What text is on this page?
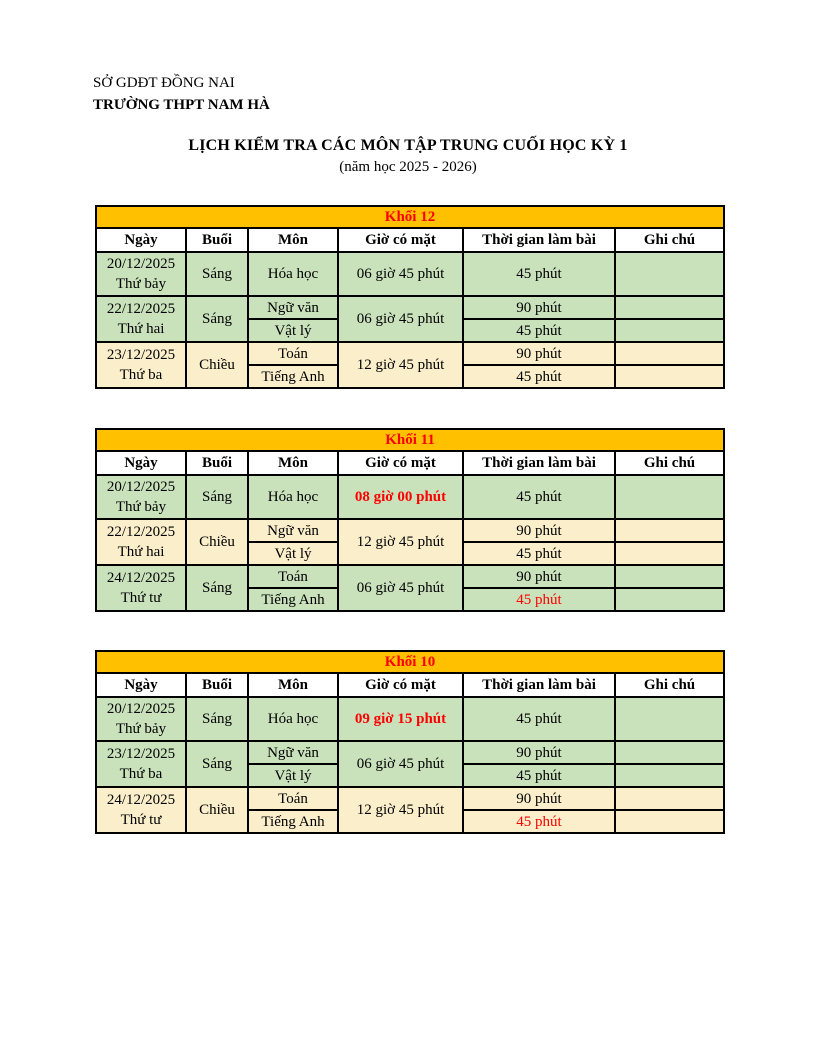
SỞ GDĐT ĐỒNG NAI
TRƯỜNG THPT NAM HÀ
LỊCH KIỂM TRA CÁC MÔN TẬP TRUNG CUỐI HỌC KỲ 1
(năm học 2025 - 2026)
Khối 12					
Ngày	Buổi	Môn	Giờ có mặt	Thời gian làm bài	Ghi chú

20/12/2025
Thứ bảy	Sáng	Hóa học	06 giờ 45 phút	45 phút	

22/12/2025
Thứ hai	Sáng	Ngữ văn	06 giờ 45 phút	90 phút	
		Vật lý		45 phút	

23/12/2025
Thứ ba	Chiều	Toán	12 giờ 45 phút	90 phút	
		Tiếng Anh		45 phút	
Khối 11					
Ngày	Buổi	Môn	Giờ có mặt	Thời gian làm bài	Ghi chú

20/12/2025
Thứ bảy	Sáng	Hóa học	08 giờ 00 phút	45 phút	

22/12/2025
Thứ hai	Chiều	Ngữ văn	12 giờ 45 phút	90 phút	
		Vật lý		45 phút	

24/12/2025
Thứ tư	Sáng	Toán	06 giờ 45 phút	90 phút	
		Tiếng Anh		45 phút	
Khối 10					
Ngày	Buổi	Môn	Giờ có mặt	Thời gian làm bài	Ghi chú

20/12/2025
Thứ bảy	Sáng	Hóa học	09 giờ 15 phút	45 phút	

23/12/2025
Thứ ba	Sáng	Ngữ văn	06 giờ 45 phút	90 phút	
		Vật lý		45 phút	

24/12/2025
Thứ tư	Chiều	Toán	12 giờ 45 phút	90 phút	
		Tiếng Anh		45 phút	
